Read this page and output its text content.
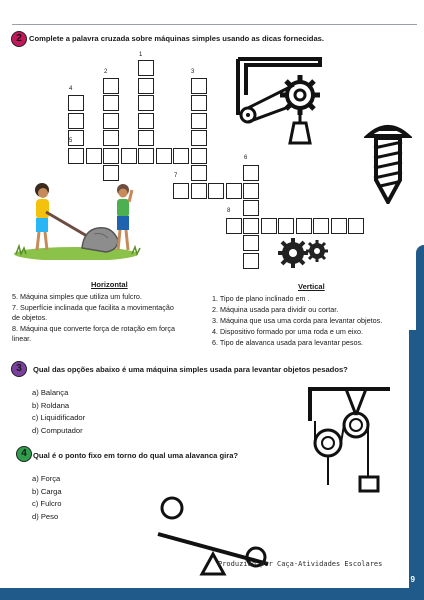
9
2 Complete a palavra cruzada sobre máquinas simples usando as dicas fornecidas.
1
2	3
4
5
6
7
8
Horizontal
5. Máquina simples que utiliza um fulcro.
7. Superfície inclinada que facilita a movimentação
de objetos.
8. Máquina que converte força de rotação em força
linear.
Vertical
1. Tipo de plano inclinado em .
2. Máquina usada para dividir ou cortar.
3. Máquina que usa uma corda para levantar objetos.
4. Dispositivo formado por uma roda e um eixo.
6. Tipo de alavanca usada para levantar pesos.
3	Qual das opções abaixo é uma máquina simples usada para levantar objetos pesados?
a) Balança
b) Roldana
c) Liquidificador
d) Computador
4 Qual é o ponto fixo em torno do qual uma alavanca gira?
a) Força
b) Carga
c) Fulcro
d) Peso
Produzido por Caça-Atividades Escolares
